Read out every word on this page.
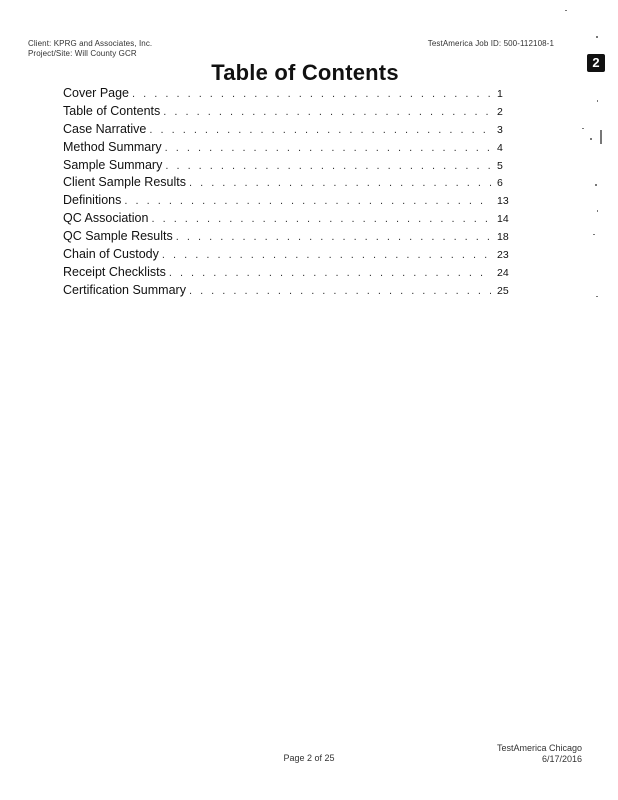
Client: KPRG and Associates, Inc.
Project/Site: Will County GCR
TestAmerica Job ID: 500-112108-1
2
Table of Contents
Cover Page . . .	1
Table of Contents . . .	2
Case Narrative . . .	3
Method Summary . . .	4
Sample Summary . . .	5
Client Sample Results . . .	6
Definitions . . .	13
QC Association . . .	14
QC Sample Results . . .	18
Chain of Custody . . .	23
Receipt Checklists . . .	24
Certification Summary . . .	25
Page 2 of 25
TestAmerica Chicago
6/17/2016
